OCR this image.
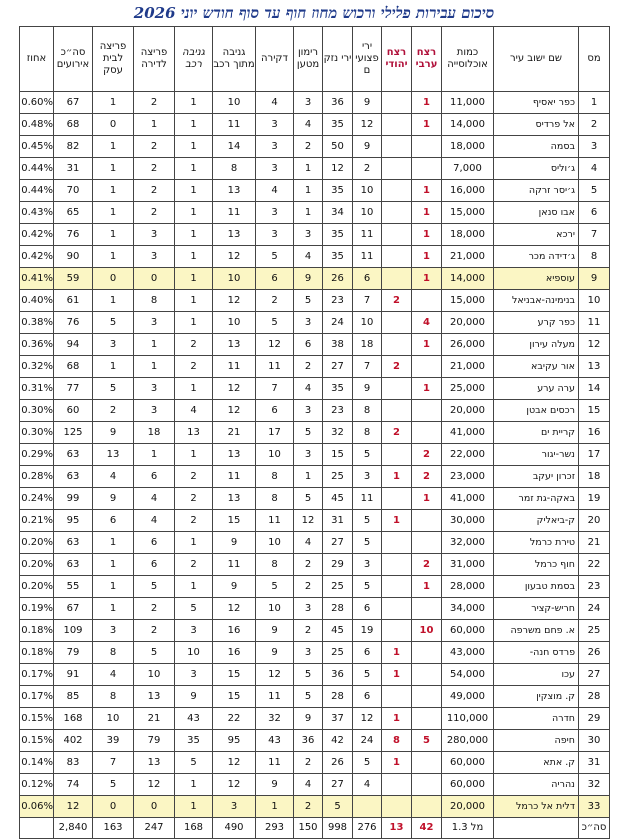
סיכום עבירות פלילי ורכוש מחוז חוף עד סוף חודש יוני 2026
מס	שם ישוב עיר	כמות אוכלוסייה	רצח ערבי	רצח יהודי	ירי פצועי ם	ירי נזק	רימון מטען	דקירה	גניבה מתוך רכב	גניבה רכב	פריצה לדירה	פריצה לבית עסק	סה״כ אירועים	אחוז
1	כפר יאסיף	11,000	1		9	36	3	4	10	1	2	1	67	0.60%
2	אל פרדיס	14,000	1		12	35	4	3	11	1	1	0	68	0.48%
3	בסמה	18,000			9	50	2	3	14	1	2	1	82	0.45%
4	ג׳וליס	7,000			2	12	1	3	8	1	2	1	31	0.44%
5	ג׳יסר זרקה	16,000	1		10	35	1	4	13	1	2	1	70	0.44%
6	אבו סנאן	15,000	1		10	34	1	3	11	1	2	1	65	0.43%
7	ירכא	18,000	1		11	35	3	3	13	1	3	1	76	0.42%
8	ג׳דידה מכר	21,000	1		11	35	4	5	12	1	3	1	90	0.42%
9	עוספיא	14,000	1		6	26	9	6	10	1	0	0	59	0.41%
10	בנימינה-אבניאל	15,000		2	7	23	5	2	12	1	8	1	61	0.40%
11	כפר קרע	20,000	4		10	24	3	5	10	1	3	5	76	0.38%
12	מעלה עירון	26,000	1		18	38	6	12	13	2	1	3	94	0.36%
13	אור עקיבא	21,000		2	7	27	2	11	11	2	1	1	68	0.32%
14	ערה ערע	25,000	1		9	35	4	7	12	1	3	5	77	0.31%
15	רכסים אבטן	20,000			8	23	3	6	12	4	3	2	60	0.30%
16	קריית ים	41,000		2	8	32	5	17	21	13	18	9	125	0.30%
17	נשר-יגור	22,000	2		5	15	3	10	13	1	1	13	63	0.29%
18	זכרון יעקב	23,000	2	1	3	25	1	8	11	2	6	4	63	0.28%
19	באקה-גת זמר	41,000	1		11	45	5	8	13	2	4	9	99	0.24%
20	ק-ביאליק	30,000		1	5	31	12	11	15	2	4	6	95	0.21%
21	טירת כרמל	32,000			5	27	4	10	9	1	6	1	63	0.20%
22	חוף כרמל	31,000	2		3	29	2	8	11	2	6	1	63	0.20%
23	בסמת טבעון	28,000	1		5	25	2	5	9	1	5	1	55	0.20%
24	חריש-קציר	34,000			6	28	3	10	12	5	2	1	67	0.19%
25	א. פחם משרפה	60,000	10		19	45	2	9	16	3	2	3	109	0.18%
26	פרדס חנה-	43,000		1	6	25	3	9	16	10	5	8	79	0.18%
27	עכו	54,000		1	5	36	5	12	15	3	10	4	91	0.17%
28	ק. מוצקין	49,000			6	28	5	11	15	9	13	8	85	0.17%
29	חדרה	110,000		1	12	37	9	32	22	43	21	10	168	0.15%
30	חיפה	280,000	5	8	24	42	36	43	95	35	79	39	402	0.15%
31	ק. אתא	60,000		1	5	26	2	11	12	5	13	7	83	0.14%
32	נהריה	60,000			4	27	4	9	12	1	12	5	74	0.12%
33	דלית אל כרמל	20,000				5	2	1	3	1	0	0	12	0.06%
סה״כ		מל 1.3	42	13	276	998	150	293	490	168	247	163	2,840	
